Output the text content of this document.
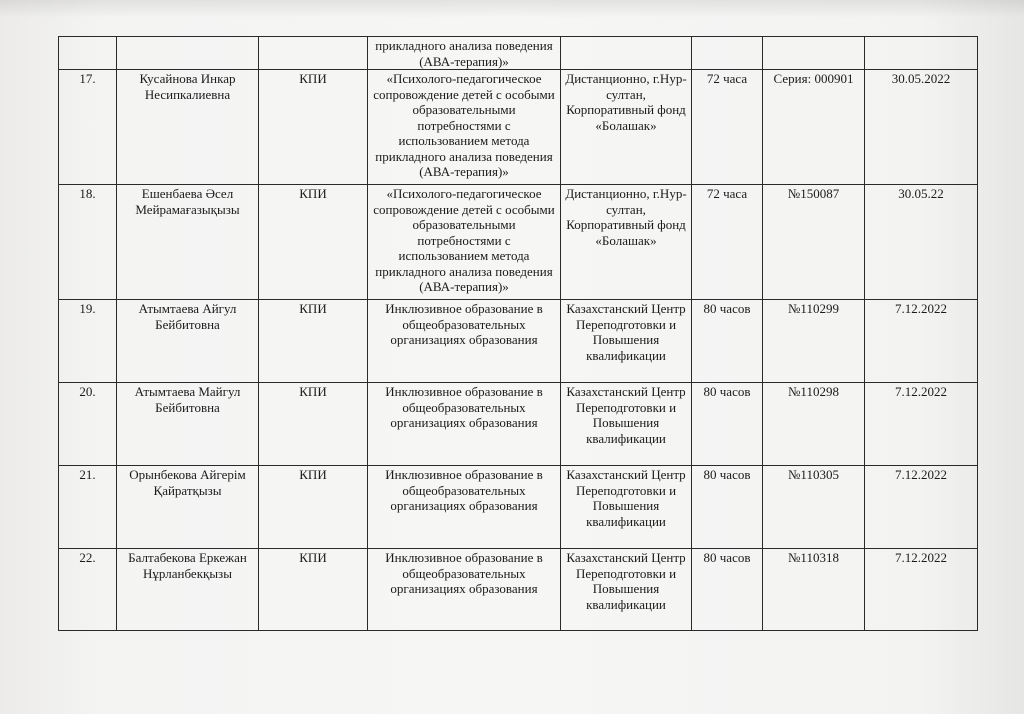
			прикладного анализа поведения (АВА-терапия)»				
17.	Кусайнова Инкар Несипкалиевна	КПИ	«Психолого-педагогическое сопровождение детей с особыми образовательными потребностями с использованием метода прикладного анализа поведения (АВА-терапия)»	Дистанционно, г.Нур-султан, Корпоративный фонд «Болашак»	72 часа	Серия: 000901	30.05.2022
18.	Ешенбаева Әсел Мейрамағазықызы	КПИ	«Психолого-педагогическое сопровождение детей с особыми образовательными потребностями с использованием метода прикладного анализа поведения (АВА-терапия)»	Дистанционно, г.Нур-султан, Корпоративный фонд «Болашак»	72 часа	№150087	30.05.22
19.	Атымтаева Айгул Бейбитовна	КПИ	Инклюзивное образование в общеобразовательных организациях образования	Казахстанский Центр Переподготовки и Повышения квалификации	80 часов	№110299	7.12.2022
20.	Атымтаева Майгул Бейбитовна	КПИ	Инклюзивное образование в общеобразовательных организациях образования	Казахстанский Центр Переподготовки и Повышения квалификации	80 часов	№110298	7.12.2022
21.	Орынбекова Айгерім Қайратқызы	КПИ	Инклюзивное образование в общеобразовательных организациях образования	Казахстанский Центр Переподготовки и Повышения квалификации	80 часов	№110305	7.12.2022
22.	Балтабекова Еркежан Нұрланбекқызы	КПИ	Инклюзивное образование в общеобразовательных организациях образования	Казахстанский Центр Переподготовки и Повышения квалификации	80 часов	№110318	7.12.2022
